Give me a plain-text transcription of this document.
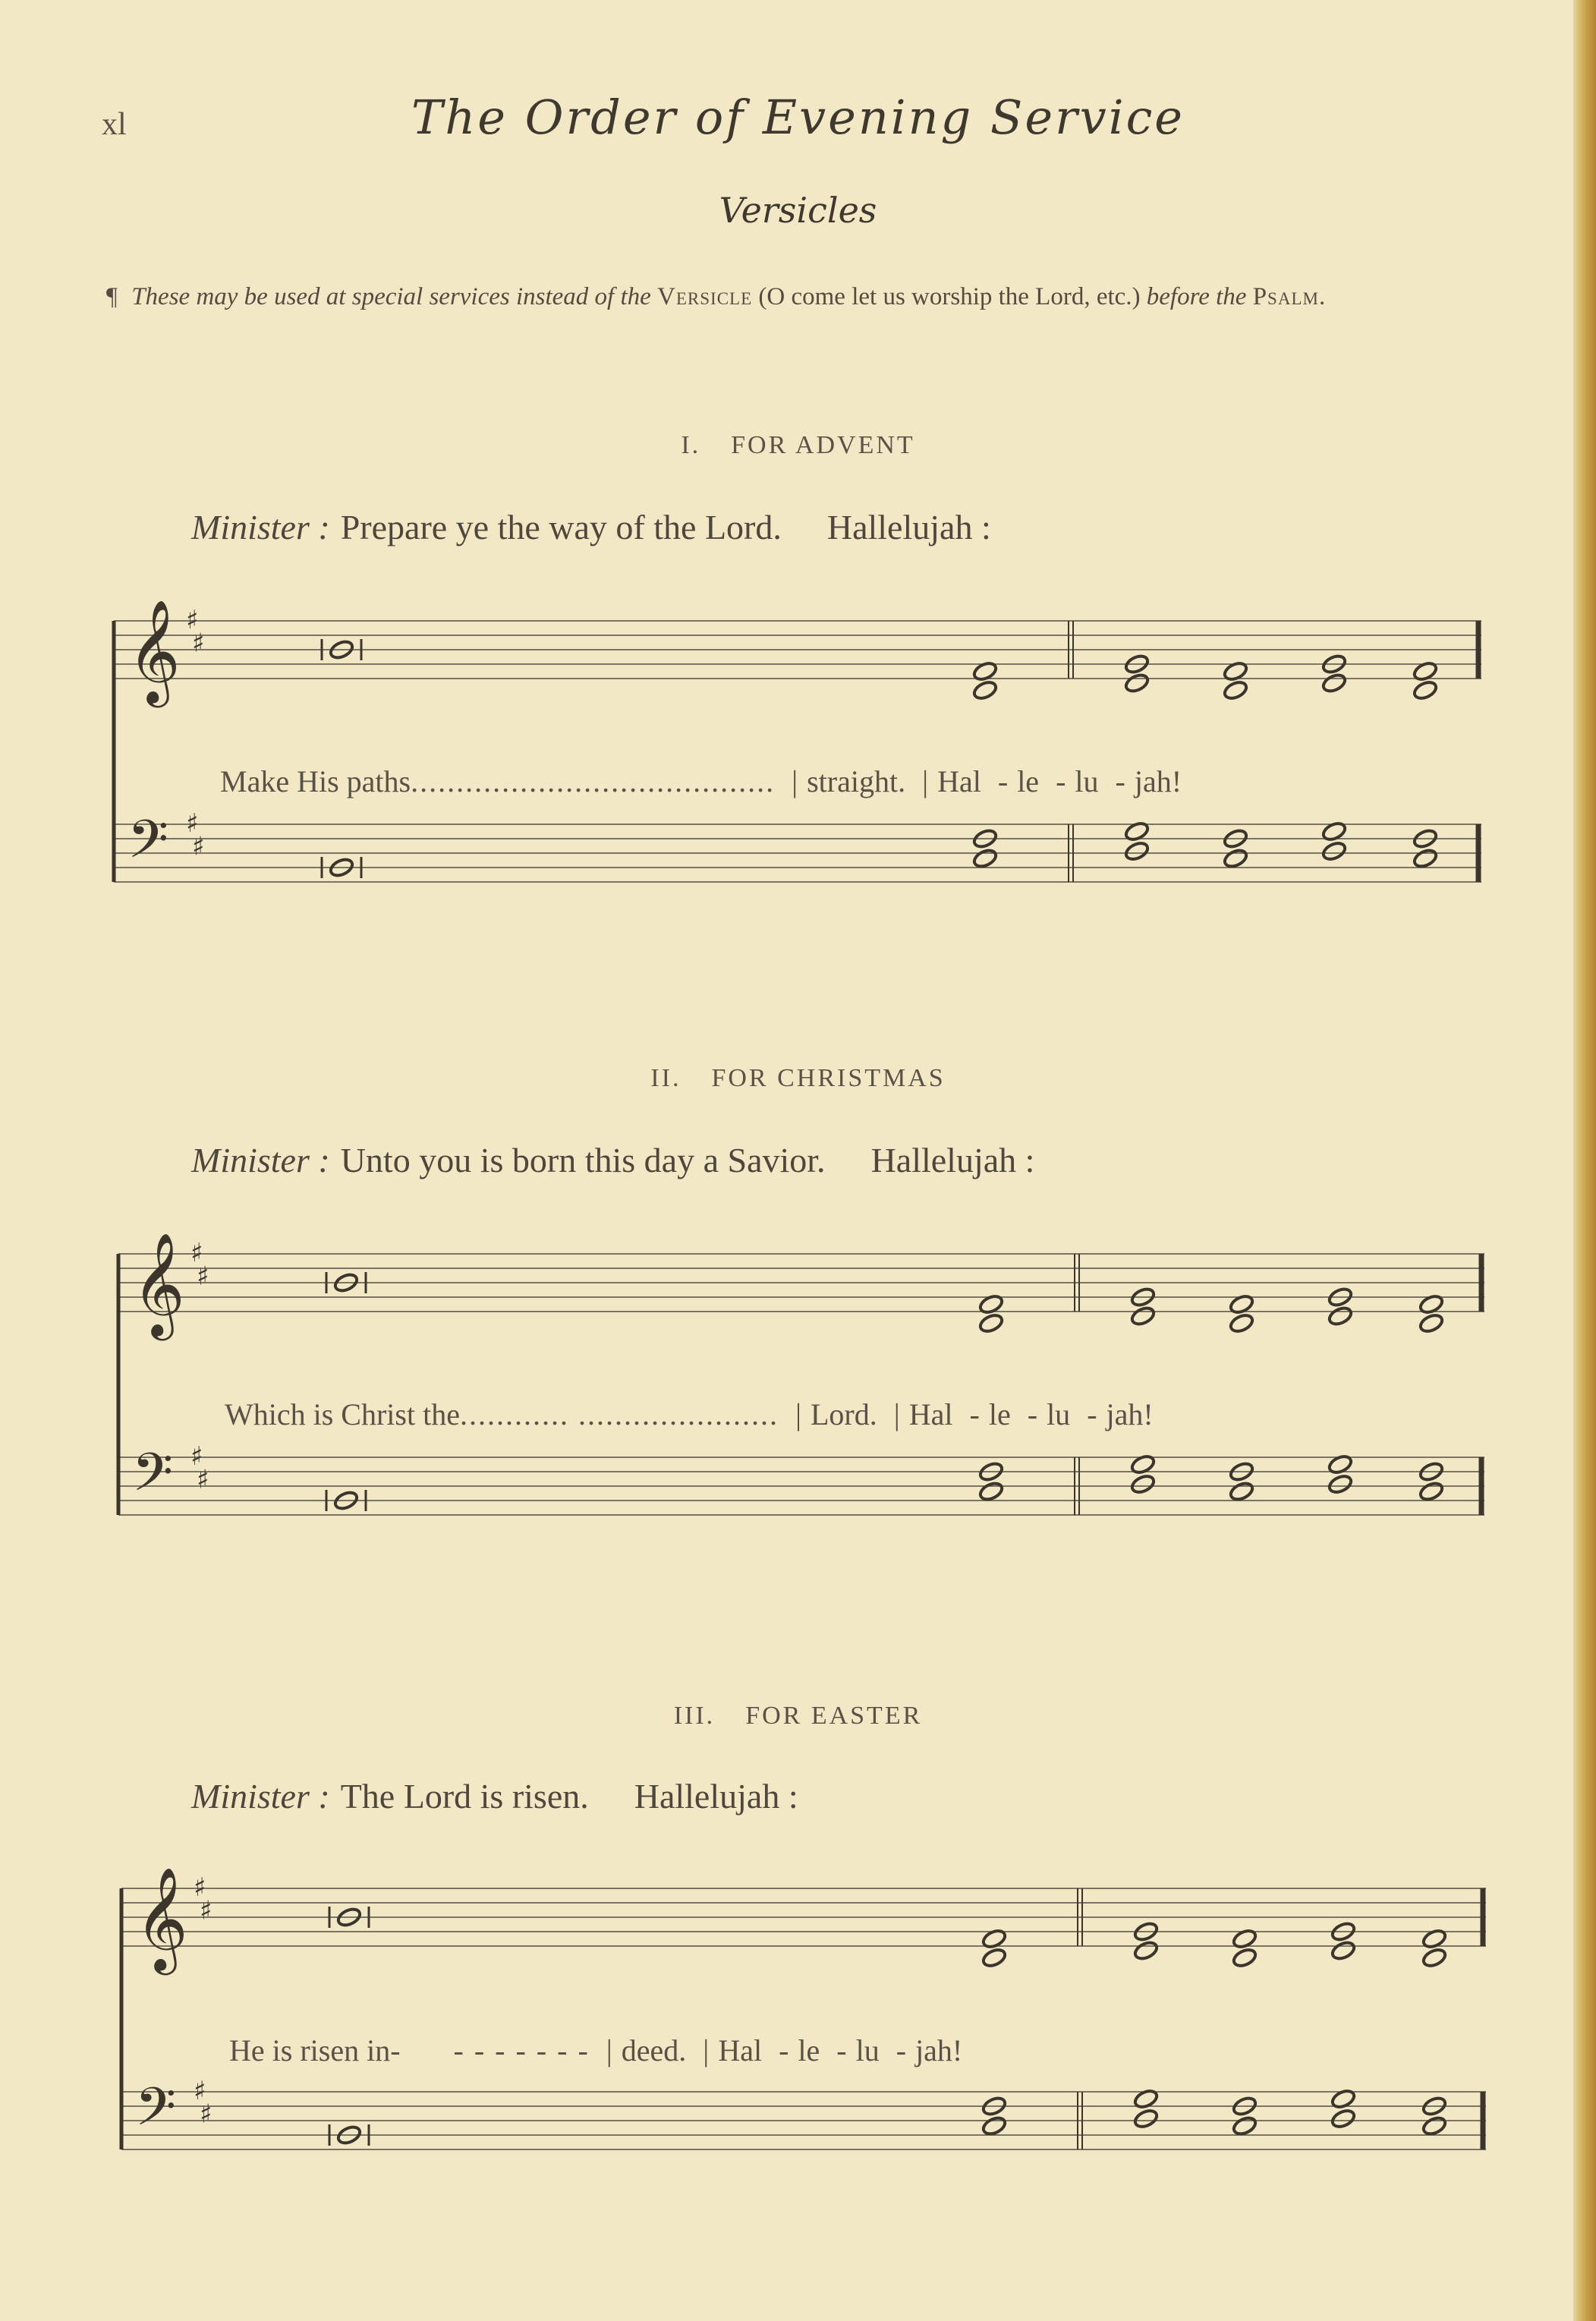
xl	The Order of Evening Service
Versicles
¶ These may be used at special services instead of the Versicle (O come let us worship the Lord, etc.) before the Psalm.
I. FOR ADVENT
Minister : Prepare ye the way of the Lord. Hallelujah :
Make His paths........................................ | straight. | Hal - le - lu - jah!
II. FOR CHRISTMAS
Minister : Unto you is born this day a Savior. Hallelujah :
Which is Christ the............ ...................... | Lord. | Hal - le - lu - jah!
III. FOR EASTER
Minister : The Lord is risen. Hallelujah :
He is risen in- - - - - - - - | deed. | Hal - le - lu - jah!
♯
♯
𝄞
♯
♯
𝄢
♯
♯
𝄞
♯
♯
𝄢
♯
♯
𝄞
♯
♯
𝄢
